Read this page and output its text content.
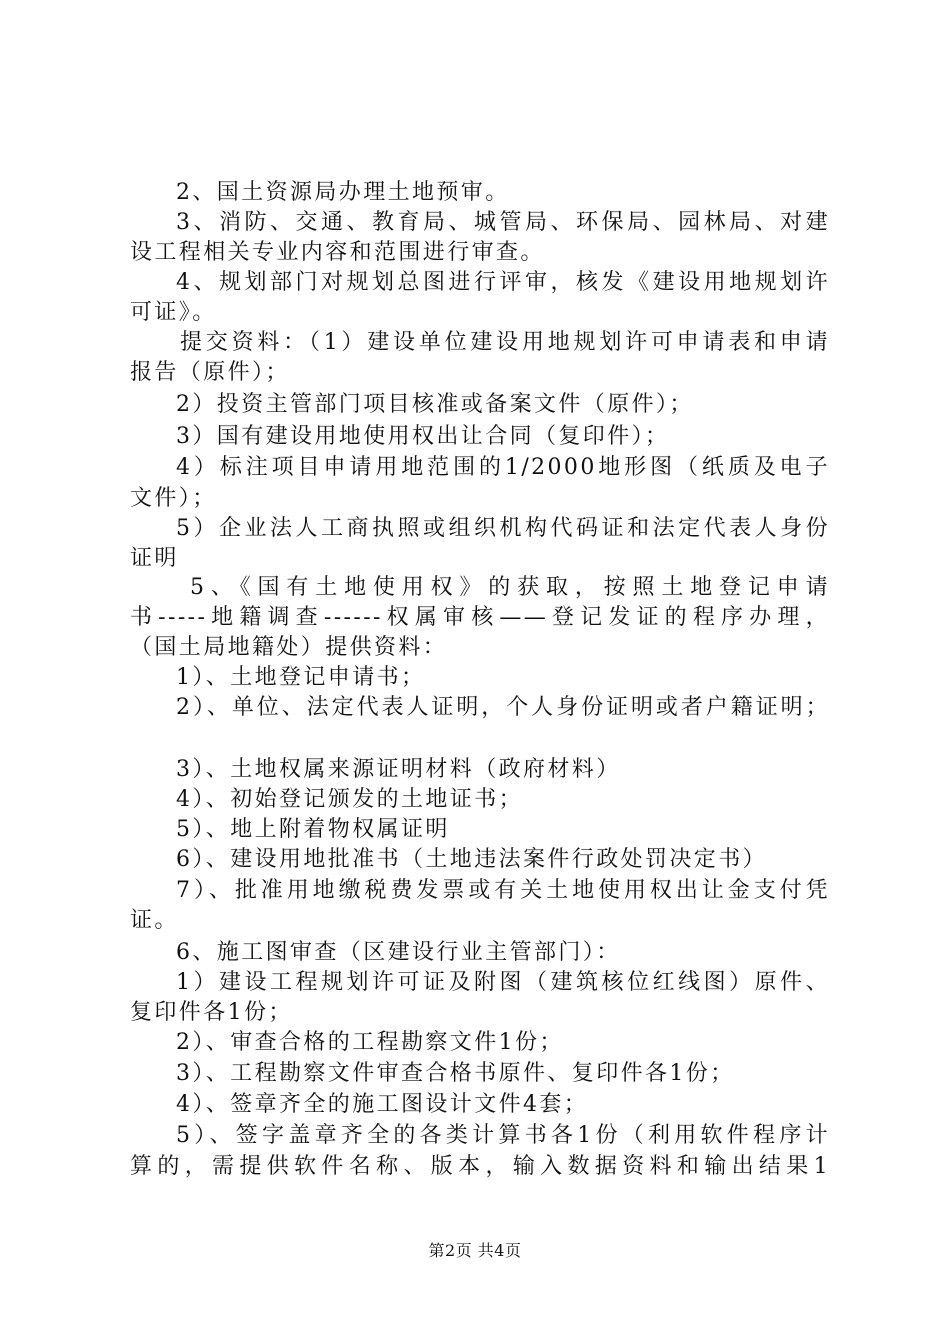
2、国土资源局办理土地预审。
3、消防、交通、教育局、城管局、环保局、园林局、对建
设工程相关专业内容和范围进行审查。
4、规划部门对规划总图进行评审，核发《建设用地规划许
可证》。
提交资料：（1）建设单位建设用地规划许可申请表和申请
报告（原件）；
2）投资主管部门项目核准或备案文件（原件）；
3）国有建设用地使用权出让合同（复印件）；
4）标注项目申请用地范围的1/2000地形图（纸质及电子
文件）；
5）企业法人工商执照或组织机构代码证和法定代表人身份
证明
5、《国有土地使用权》的获取，按照土地登记申请
书-----地籍调查------权属审核——登记发证的程序办理，
（国土局地籍处）提供资料：
1）、土地登记申请书；
2）、单位、法定代表人证明，个人身份证明或者户籍证明；
3）、土地权属来源证明材料（政府材料）
4）、初始登记颁发的土地证书；
5）、地上附着物权属证明
6）、建设用地批准书（土地违法案件行政处罚决定书）
7）、批准用地缴税费发票或有关土地使用权出让金支付凭
证。
6、施工图审查（区建设行业主管部门）：
1）建设工程规划许可证及附图（建筑核位红线图）原件、
复印件各1份；
2）、审查合格的工程勘察文件1份；
3）、工程勘察文件审查合格书原件、复印件各1份；
4）、签章齐全的施工图设计文件4套；
5）、签字盖章齐全的各类计算书各1份（利用软件程序计
算的，需提供软件名称、版本，输入数据资料和输出结果1
第2页 共4页
